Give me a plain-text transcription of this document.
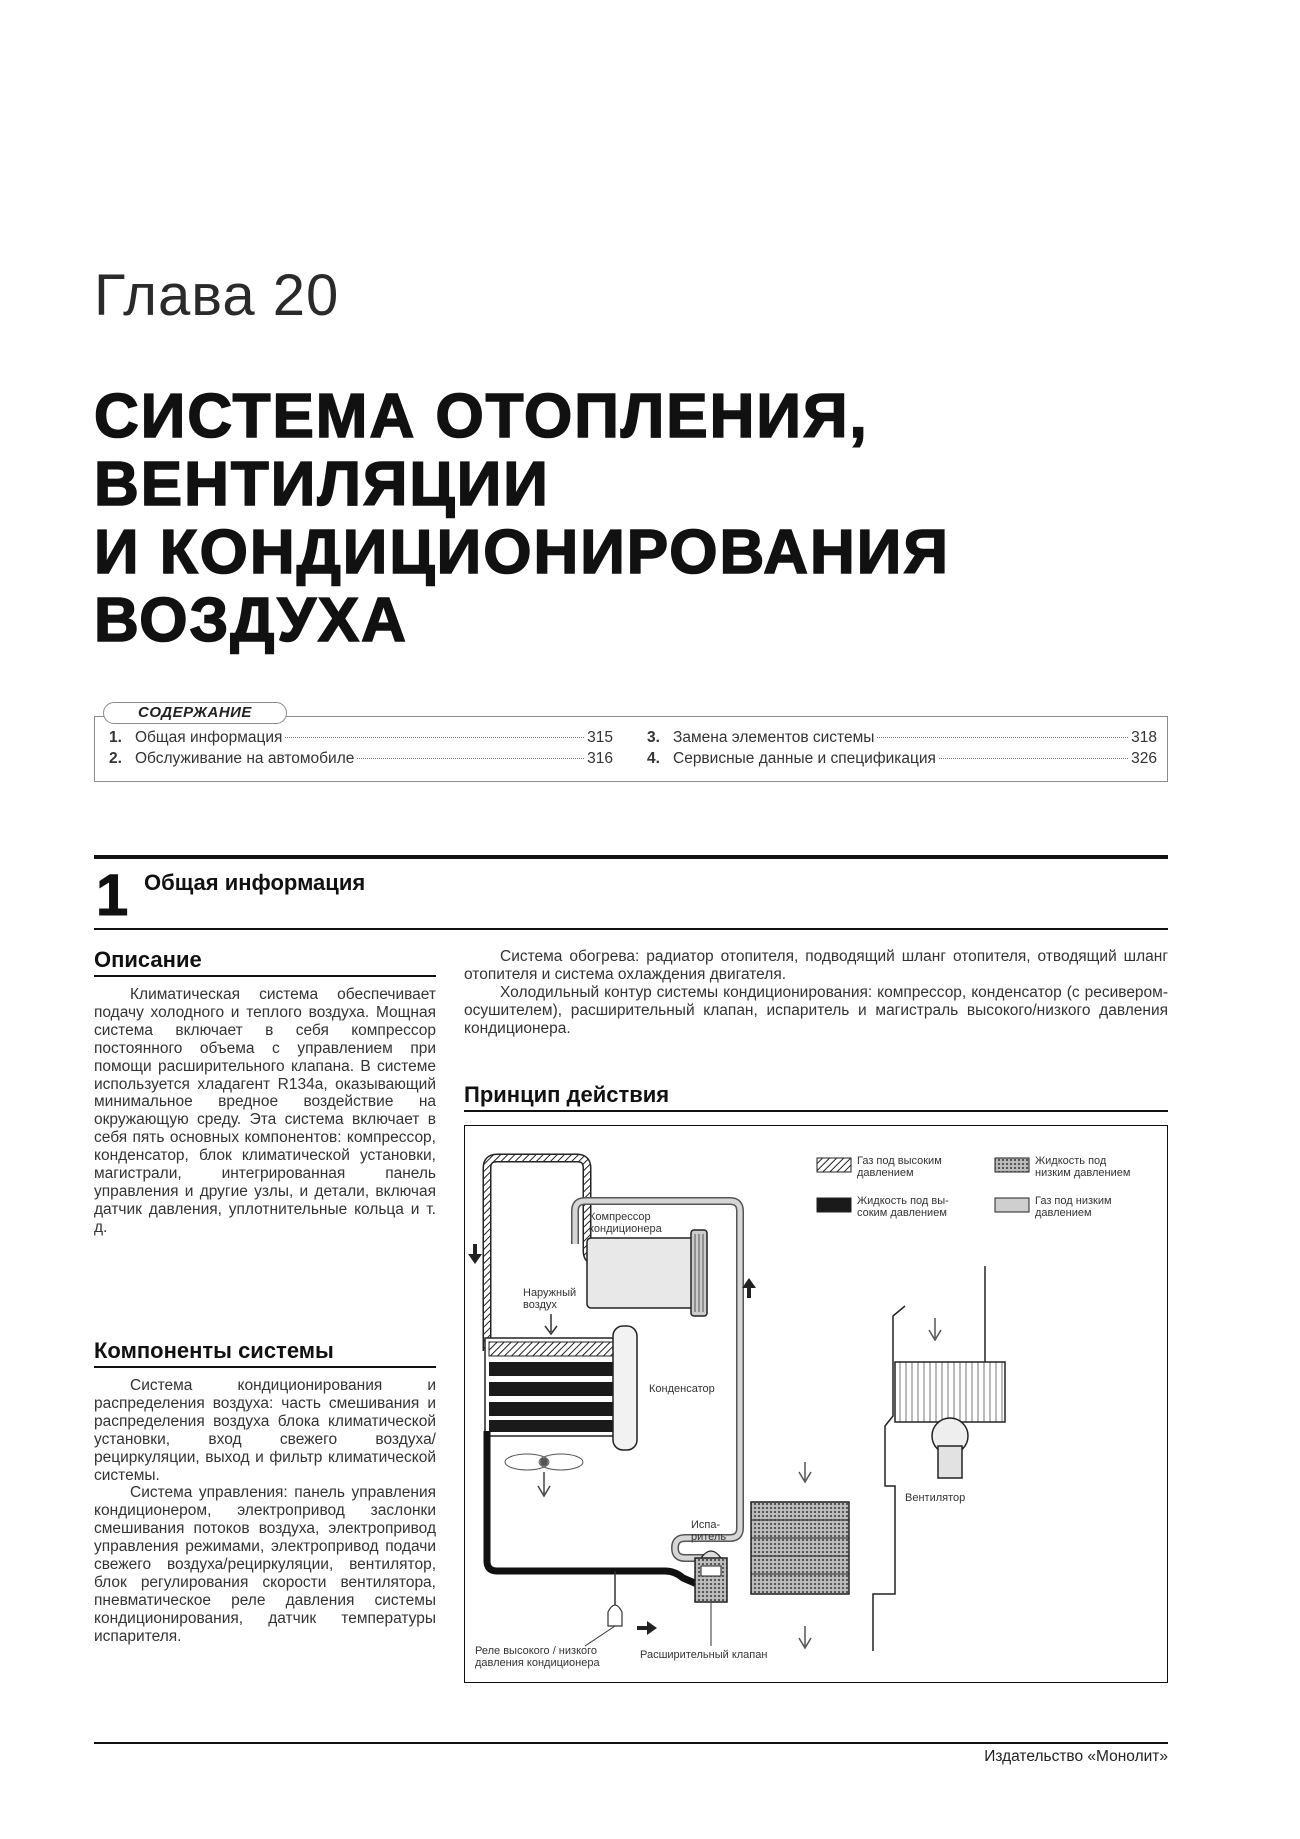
Глава 20
СИСТЕМА ОТОПЛЕНИЯ,
ВЕНТИЛЯЦИИ
И КОНДИЦИОНИРОВАНИЯ
ВОЗДУХА
СОДЕРЖАНИЕ
1. Общая информация	315
2. Обслуживание на автомобиле	316
3. Замена элементов системы	318
4. Сервисные данные и спецификация	326
1 Общая информация
Описание

Климатическая система обеспечивает подачу холодного и теплого воздуха. Мощная система включает в себя компрессор постоянного объема с управлением при помощи расширительного клапана. В системе используется хладагент R134a, оказывающий минимальное вредное воздействие на окружающую среду. Эта система включает в себя пять основных компонентов: компрессор, конденсатор, блок климатической установки, магистрали, интегрированная панель управления и другие узлы, и детали, включая датчик давления, уплотнительные кольца и т. д.

Компоненты системы

Система кондиционирования и распределения воздуха: часть смешивания и распределения воздуха блока климатической установки, вход свежего воздуха/рециркуляции, выход и фильтр климатической системы.

Система управления: панель управления кондиционером, электропривод заслонки смешивания потоков воздуха, электропривод управления режимами, электропривод подачи свежего воздуха/рециркуляции, вентилятор, блок регулирования скорости вентилятора, пневматическое реле давления системы кондиционирования, датчик температуры испарителя.

Система обогрева: радиатор отопителя, подводящий шланг отопителя, отводящий шланг отопителя и система охлаждения двигателя.

Холодильный контур системы кондиционирования: компрессор, конденсатор (с ресивером-осушителем), расширительный клапан, испаритель и магистраль высокого/низкого давления кондиционера.

Принцип действия
Газ под высоким
давлением
Жидкость под
низким давлением
Жидкость под вы-
соким давлением
Газ под низким
давлением
Компрессор
кондиционера
Наружный
воздух
Конденсатор
Реле высокого / низкого
давления кондиционера
Испа-
ритель
Расширительный клапан
Вентилятор
Издательство «Монолит»
